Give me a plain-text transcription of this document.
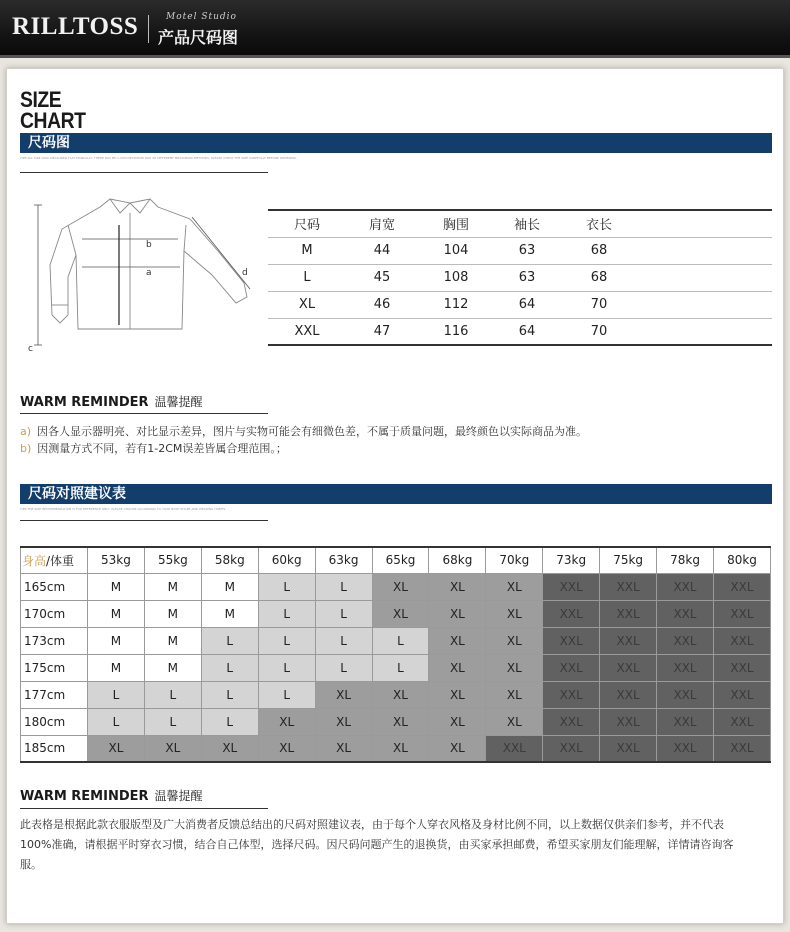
RILLTOSS	Motel Studio
产品尺码图
SIZE
CHART
尺码图
TIPS:ALL SIZE DATA MEASURED FLAT MANUALLY, THERE MAY BE 1-2CM DEVIATION DUE TO DIFFERENT MEASURING METHODS. PLEASE CHECK THE SIZE CAREFULLY BEFORE ORDERING.
b
a
c
d
尺码	肩宽	胸围	袖长	衣长	
M	44	104	63	68	
L	45	108	63	68	
XL	46	112	64	70	
XXL	47	116	64	70	
WARM REMINDER 温馨提醒
a) 因各人显示器明亮、对比显示差异，图片与实物可能会有细微色差，不属于质量问题，最终颜色以实际商品为准。
b) 因测量方式不同，若有1-2CM误差皆属合理范围。；
尺码对照建议表
TIPS:THE SIZE RECOMMENDATION IS FOR REFERENCE ONLY, PLEASE CHOOSE ACCORDING TO YOUR BODY SHAPE AND WEARING HABITS.
身高/体重	53kg	55kg	58kg	60kg	63kg	65kg	68kg	70kg	73kg	75kg	78kg	80kg
165cm	M	M	M	L	L	XL	XL	XL	XXL	XXL	XXL	XXL
170cm	M	M	M	L	L	XL	XL	XL	XXL	XXL	XXL	XXL
173cm	M	M	L	L	L	L	XL	XL	XXL	XXL	XXL	XXL
175cm	M	M	L	L	L	L	XL	XL	XXL	XXL	XXL	XXL
177cm	L	L	L	L	XL	XL	XL	XL	XXL	XXL	XXL	XXL
180cm	L	L	L	XL	XL	XL	XL	XL	XXL	XXL	XXL	XXL
185cm	XL	XL	XL	XL	XL	XL	XL	XXL	XXL	XXL	XXL	XXL
WARM REMINDER 温馨提醒
此表格是根据此款衣服版型及广大消费者反馈总结出的尺码对照建议表，由于每个人穿衣风格及身材比例不同，以上数据仅供亲们参考，并不代表100%准确，请根据平时穿衣习惯，结合自己体型，选择尺码。因尺码问题产生的退换货，由买家承担邮费，希望买家朋友们能理解，详情请咨询客服。
